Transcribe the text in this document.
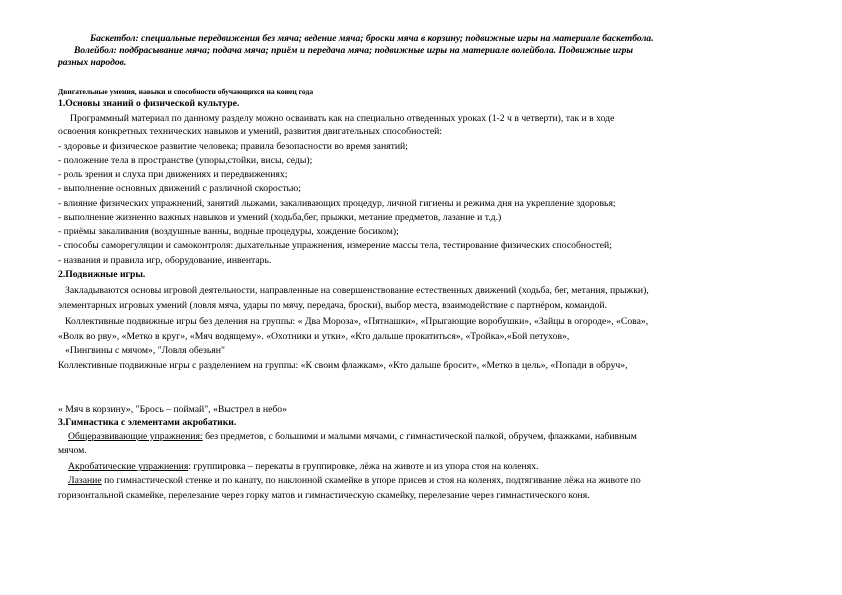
Баскетбол: специальные передвижения без мяча; ведение мяча; броски мяча в корзину; подвижные игры на материале баскетбола.
Волейбол: подбрасывание мяча; подача мяча; приём и передача мяча; подвижные игры на материале волейбола. Подвижные игры
разных народов.
Двигательные умения, навыки и способности обучающихся на конец года
1.Основы знаний о физической культуре.
Программный материал по данному разделу можно осваивать как на специально отведенных уроках (1-2 ч в четверти), так и в ходе
освоения конкретных технических навыков и умений, развития двигательных способностей:
- здоровье и физическое развитие человека; правила безопасности во время занятий;
- положение тела в пространстве (упоры,стойки, висы, седы);
- роль зрения и слуха при движениях и передвижениях;
- выполнение основных движений с различной скоростью;
- влияние физических упражнений, занятий лыжами, закаливающих процедур, личной гигиены и режима дня на укрепление здоровья;
- выполнение жизненно важных навыков и умений (ходьба,бег, прыжки, метание предметов, лазание и т.д.)
- приёмы закаливания (воздушные ванны, водные процедуры, хождение босиком);
- способы саморегуляции и самоконтроля: дыхательные упражнения, измерение массы тела, тестирование физических способностей;
- названия и правила игр, оборудование, инвентарь.
2.Подвижные игры.
Закладываются основы игровой деятельности, направленные на совершенствование естественных движений (ходьба, бег, метания, прыжки),
элементарных игровых умений (ловля мяча, удары по мячу, передача, броски), выбор места, взаимодействие с партнёром, командой.
Коллективные подвижные игры без деления на группы: « Два Мороза», «Пятнашки», «Прыгающие воробушки», «Зайцы в огороде», «Сова»,
«Волк во рву», «Метко в круг», «Мяч водящему». «Охотники и утки», «Кто дальше прокатиться», «Тройка»,«Бой петухов»,
«Пингвины с мячом», "Ловля обезьян"
Коллективные подвижные игры с разделением на группы: «К своим флажкам», «Кто дальше бросит», «Метко в цель», «Попади в обруч»,
« Мяч в корзину», "Брось – поймай", «Выстрел в небо»
3.Гимнастика с элементами акробатики.
Общеразвивающие упражнения: без предметов, с большими и малыми мячами, с гимнастической палкой, обручем, флажками, набивным
мячом.
Акробатические упражнения: группировка – перекаты в группировке, лёжа на животе и из упора стоя на коленях.
Лазание по гимнастической стенке и по канату, по наклонной скамейке в упоре присев и стоя на коленях, подтягивание лёжа на животе по
горизонтальной скамейке, перелезание через горку матов и гимнастическую скамейку, перелезание через гимнастического коня.
